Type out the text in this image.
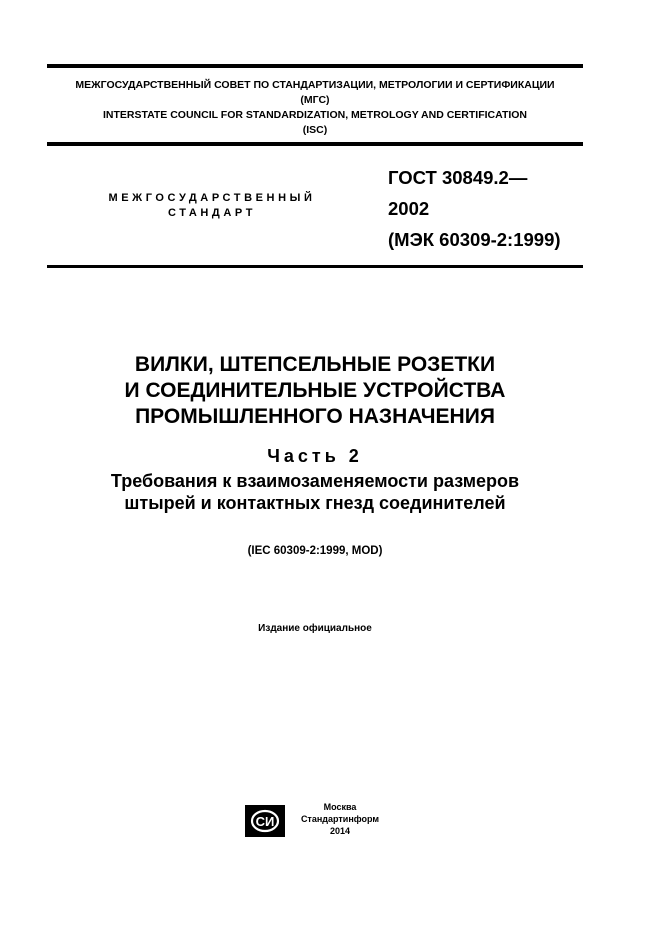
МЕЖГОСУДАРСТВЕННЫЙ СОВЕТ ПО СТАНДАРТИЗАЦИИ, МЕТРОЛОГИИ И СЕРТИФИКАЦИИ
(МГС)
INTERSTATE COUNCIL FOR STANDARDIZATION, METROLOGY AND CERTIFICATION
(ISC)
МЕЖГОСУДАРСТВЕННЫЙ
СТАНДАРТ
ГОСТ 30849.2—
2002
(МЭК 60309-2:1999)
ВИЛКИ, ШТЕПСЕЛЬНЫЕ РОЗЕТКИ
И СОЕДИНИТЕЛЬНЫЕ УСТРОЙСТВА
ПРОМЫШЛЕННОГО НАЗНАЧЕНИЯ
Часть 2
Требования к взаимозаменяемости размеров
штырей и контактных гнезд соединителей
(IEC 60309-2:1999, MOD)
Издание официальное
СИ
Москва
Стандартинформ
2014
